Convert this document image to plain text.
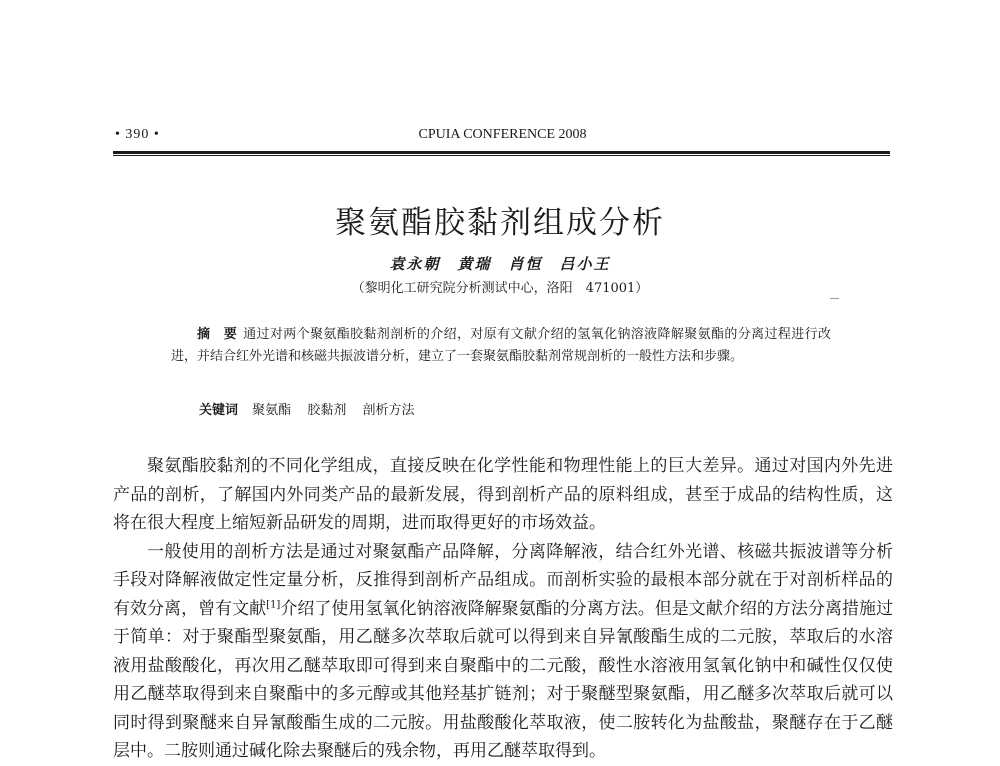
• 390 •	CPUIA CONFERENCE 2008
聚氨酯胶黏剂组成分析
袁永朝　黄瑞　肖恒　吕小王
（黎明化工研究院分析测试中心，洛阳　471001）
摘　要 通过对两个聚氨酯胶黏剂剖析的介绍，对原有文献介绍的氢氧化钠溶液降解聚氨酯的分离过程进行改进，并结合红外光谱和核磁共振波谱分析，建立了一套聚氨酯胶黏剂常规剖析的一般性方法和步骤。
关键词 聚氨酯 胶黏剂 剖析方法

聚氨酯胶黏剂的不同化学组成，直接反映在化学性能和物理性能上的巨大差异。通过对国内外先进产品的剖析，了解国内外同类产品的最新发展，得到剖析产品的原料组成，甚至于成品的结构性质，这将在很大程度上缩短新品研发的周期，进而取得更好的市场效益。

一般使用的剖析方法是通过对聚氨酯产品降解，分离降解液，结合红外光谱、核磁共振波谱等分析手段对降解液做定性定量分析，反推得到剖析产品组成。而剖析实验的最根本部分就在于对剖析样品的有效分离，曾有文献[1]介绍了使用氢氧化钠溶液降解聚氨酯的分离方法。但是文献介绍的方法分离措施过于简单：对于聚酯型聚氨酯，用乙醚多次萃取后就可以得到来自异氰酸酯生成的二元胺，萃取后的水溶液用盐酸酸化，再次用乙醚萃取即可得到来自聚酯中的二元酸，酸性水溶液用氢氧化钠中和碱性仅仅使用乙醚萃取得到来自聚酯中的多元醇或其他羟基扩链剂；对于聚醚型聚氨酯，用乙醚多次萃取后就可以同时得到聚醚来自异氰酸酯生成的二元胺。用盐酸酸化萃取液，使二胺转化为盐酸盐，聚醚存在于乙醚层中。二胺则通过碱化除去聚醚后的残余物，再用乙醚萃取得到。
